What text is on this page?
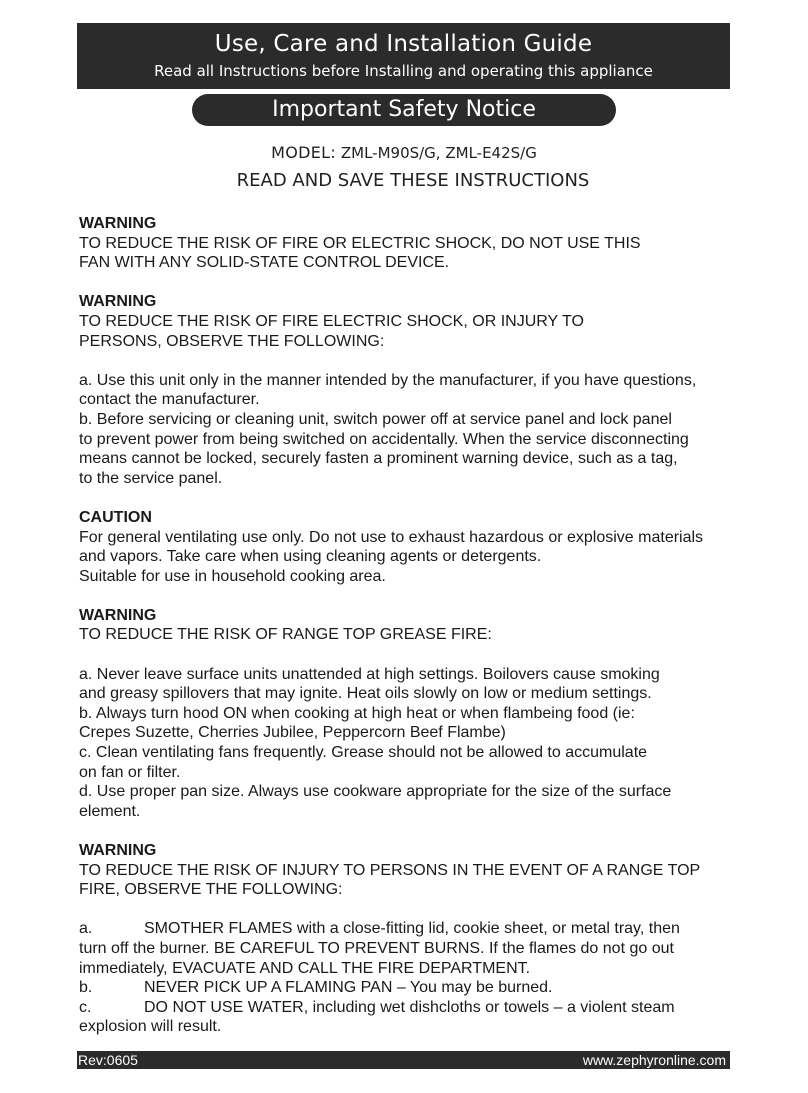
Use, Care and Installation Guide
Read all Instructions before Installing and operating this appliance
Important Safety Notice
MODEL: ZML-M90S/G, ZML-E42S/G
READ AND SAVE THESE INSTRUCTIONS
WARNING
TO REDUCE THE RISK OF FIRE OR ELECTRIC SHOCK, DO NOT USE THIS
FAN WITH ANY SOLID-STATE CONTROL DEVICE.
WARNING
TO REDUCE THE RISK OF FIRE ELECTRIC SHOCK, OR INJURY TO
PERSONS, OBSERVE THE FOLLOWING:
a. Use this unit only in the manner intended by the manufacturer, if you have questions,
contact the manufacturer.
b. Before servicing or cleaning unit, switch power off at service panel and lock panel
to prevent power from being switched on accidentally. When the service disconnecting
means cannot be locked, securely fasten a prominent warning device, such as a tag,
to the service panel.
CAUTION
For general ventilating use only. Do not use to exhaust hazardous or explosive materials
and vapors. Take care when using cleaning agents or detergents.
Suitable for use in household cooking area.
WARNING
TO REDUCE THE RISK OF RANGE TOP GREASE FIRE:
a. Never leave surface units unattended at high settings. Boilovers cause smoking
and greasy spillovers that may ignite. Heat oils slowly on low or medium settings.
b. Always turn hood ON when cooking at high heat or when flambeing food (ie:
Crepes Suzette, Cherries Jubilee, Peppercorn Beef Flambe)
c. Clean ventilating fans frequently. Grease should not be allowed to accumulate
on fan or filter.
d. Use proper pan size. Always use cookware appropriate for the size of the surface
element.
WARNING
TO REDUCE THE RISK OF INJURY TO PERSONS IN THE EVENT OF A RANGE TOP
FIRE, OBSERVE THE FOLLOWING:
a.	SMOTHER FLAMES with a close-fitting lid, cookie sheet, or metal tray, then
turn off the burner. BE CAREFUL TO PREVENT BURNS. If the flames do not go out
immediately, EVACUATE AND CALL THE FIRE DEPARTMENT.
b.	NEVER PICK UP A FLAMING PAN – You may be burned.
c.	DO NOT USE WATER, including wet dishcloths or towels – a violent steam
explosion will result.
Rev:0605	www.zephyronline.com
